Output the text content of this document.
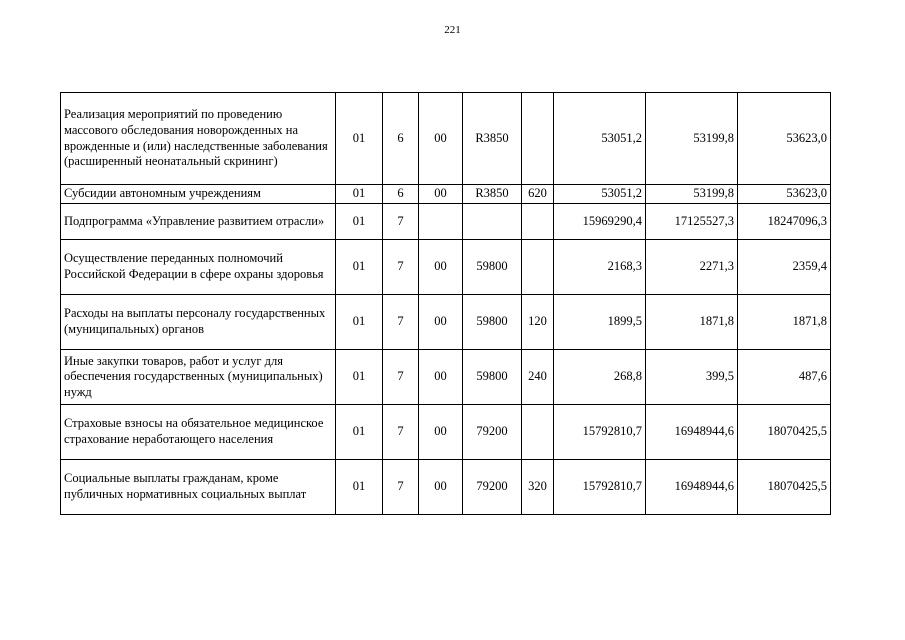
221
Реализация мероприятий по проведению массового обследования новорожденных на врожденные и (или) наследственные заболевания (расширенный неонатальный скрининг)	01	6	00	R3850		53051,2	53199,8	53623,0
Субсидии автономным учреждениям	01	6	00	R3850	620	53051,2	53199,8	53623,0
Подпрограмма «Управление развитием отрасли»	01	7				15969290,4	17125527,3	18247096,3
Осуществление переданных полномочий Российской Федерации в сфере охраны здоровья	01	7	00	59800		2168,3	2271,3	2359,4
Расходы на выплаты персоналу государственных (муниципальных) органов	01	7	00	59800	120	1899,5	1871,8	1871,8
Иные закупки товаров, работ и услуг для обеспечения государственных (муниципальных) нужд	01	7	00	59800	240	268,8	399,5	487,6
Страховые взносы на обязательное медицинское страхование неработающего населения	01	7	00	79200		15792810,7	16948944,6	18070425,5
Социальные выплаты гражданам, кроме публичных нормативных социальных выплат	01	7	00	79200	320	15792810,7	16948944,6	18070425,5
